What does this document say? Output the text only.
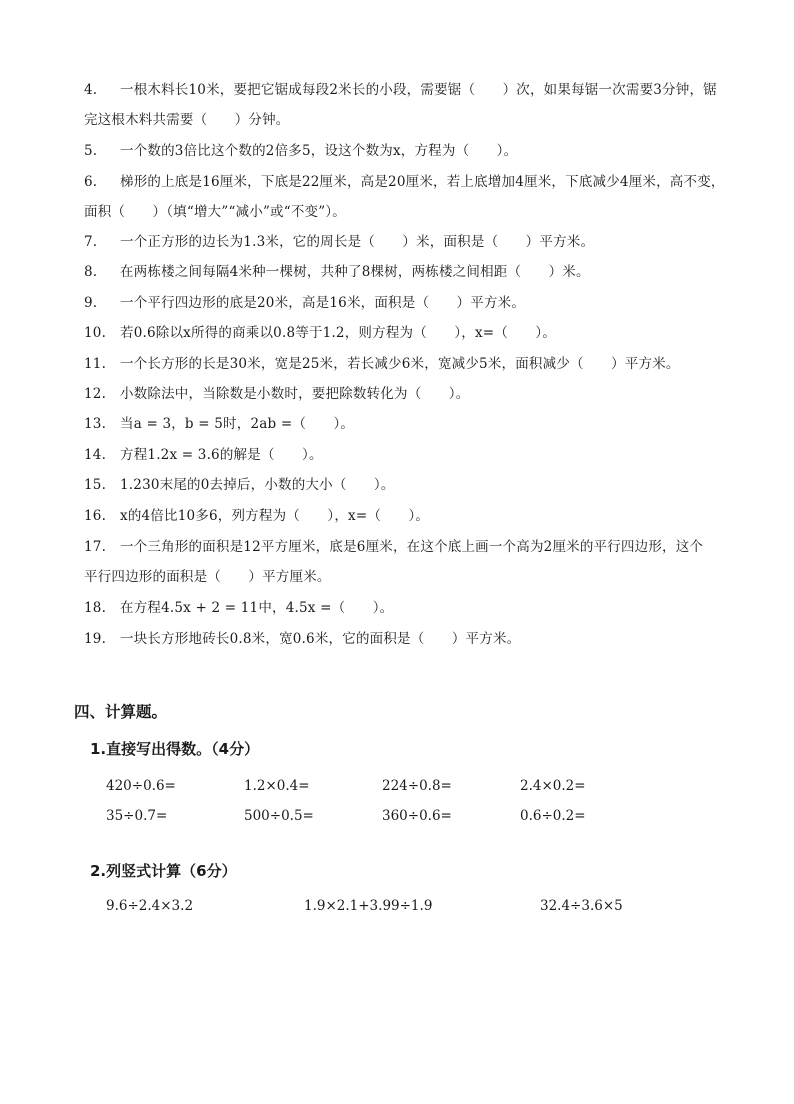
4. 一根木料长10米，要把它锯成每段2米长的小段，需要锯（　　）次，如果每锯一次需要3分钟，锯
完这根木料共需要（　　）分钟。
5. 一个数的3倍比这个数的2倍多5，设这个数为x，方程为（　　）。
6. 梯形的上底是16厘米，下底是22厘米，高是20厘米，若上底增加4厘米，下底减少4厘米，高不变，
面积（　　）（填“增大”“减小”或“不变”）。
7. 一个正方形的边长为1.3米，它的周长是（　　）米，面积是（　　）平方米。
8. 在两栋楼之间每隔4米种一棵树，共种了8棵树，两栋楼之间相距（　　）米。
9. 一个平行四边形的底是20米，高是16米，面积是（　　）平方米。
10. 若0.6除以x所得的商乘以0.8等于1.2，则方程为（　　），x=（　　）。
11. 一个长方形的长是30米，宽是25米，若长减少6米，宽减少5米，面积减少（　　）平方米。
12. 小数除法中，当除数是小数时，要把除数转化为（　　）。
13. 当a = 3，b = 5时，2ab =（　　）。
14. 方程1.2x = 3.6的解是（　　）。
15. 1.230末尾的0去掉后，小数的大小（　　）。
16. x的4倍比10多6，列方程为（　　），x=（　　）。
17. 一个三角形的面积是12平方厘米，底是6厘米，在这个底上画一个高为2厘米的平行四边形，这个
平行四边形的面积是（　　）平方厘米。
18. 在方程4.5x + 2 = 11中，4.5x =（　　）。
19. 一块长方形地砖长0.8米，宽0.6米，它的面积是（　　）平方米。
四、计算题。
1.直接写出得数。（4分）
420÷0.6=	1.2×0.4=	224÷0.8=	2.4×0.2=
35÷0.7=	500÷0.5=	360÷0.6=	0.6÷0.2=
2.列竖式计算（6分）
9.6÷2.4×3.2	1.9×2.1+3.99÷1.9	32.4÷3.6×5
